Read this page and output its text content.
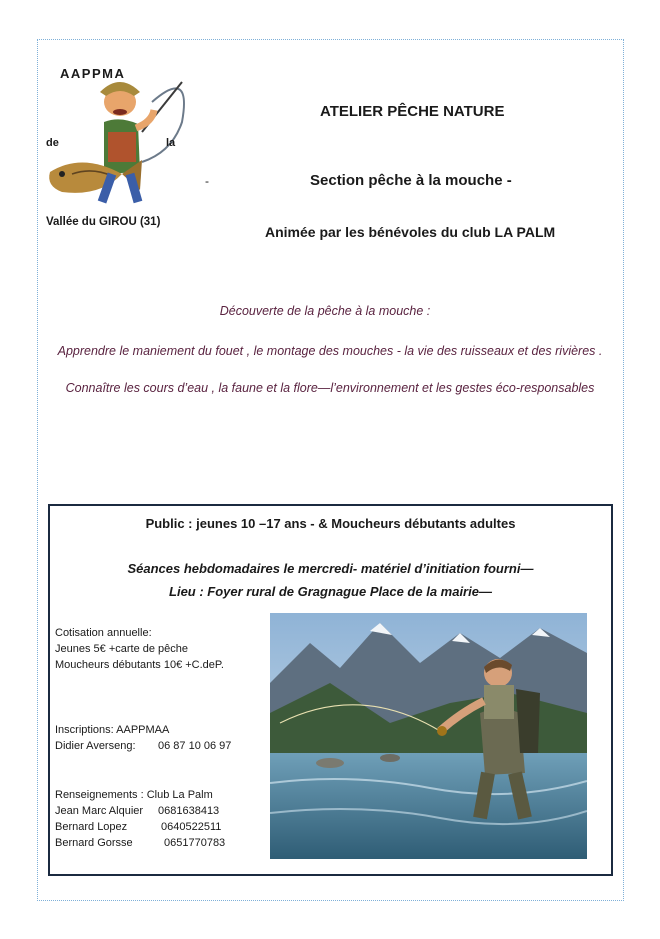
AAPPMA
de	la
Vallée du GIROU (31)
ATELIER PÊCHE NATURE
-	Section pêche à la mouche -
Animée par les bénévoles du club LA PALM
Découverte de la pêche à la mouche :
Apprendre le maniement du fouet , le montage des mouches - la vie des ruisseaux et des rivières .
Connaître les cours d’eau , la faune et la flore—l’environnement et les gestes éco-responsables
Public : jeunes 10 –17 ans - & Moucheurs débutants adultes
Séances hebdomadaires le mercredi- matériel d’initiation fourni—
Lieu : Foyer rural de Gragnague Place de la mairie—
Cotisation annuelle:
Jeunes 5€ +carte de pêche
Moucheurs débutants 10€ +C.deP.
Inscriptions: AAPPMAA
Didier Averseng:	06 87 10 06 97
Renseignements : Club La Palm
Jean Marc Alquier	0681638413
Bernard Lopez	0640522511
Bernard Gorsse	0651770783
